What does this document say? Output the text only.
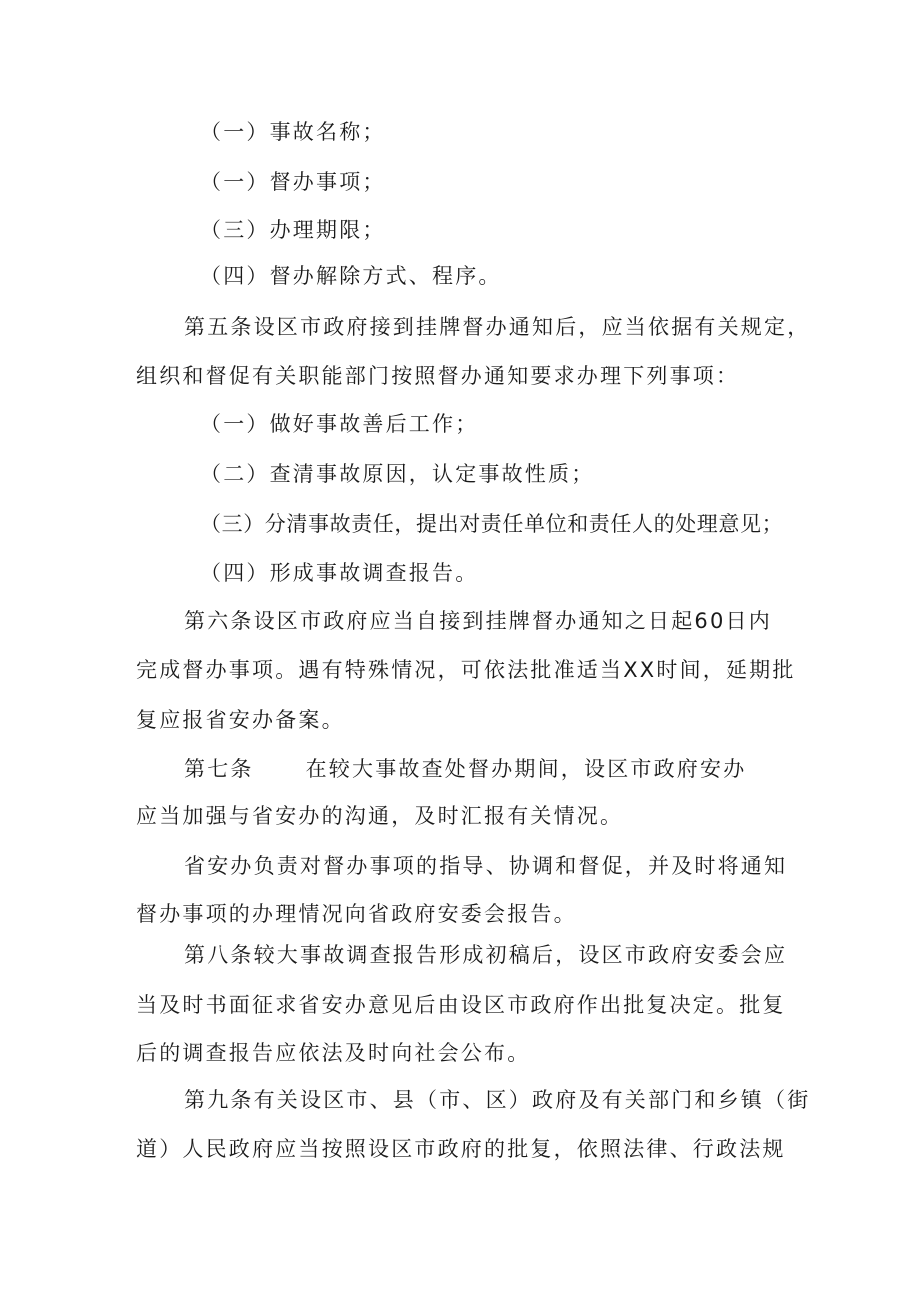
（一）事故名称；
（一）督办事项；
（三）办理期限；
（四）督办解除方式、程序。
第五条设区市政府接到挂牌督办通知后，应当依据有关规定，
组织和督促有关职能部门按照督办通知要求办理下列事项：
（一）做好事故善后工作；
（二）查清事故原因，认定事故性质；
（三）分清事故责任，提出对责任单位和责任人的处理意见；
（四）形成事故调查报告。
第六条设区市政府应当自接到挂牌督办通知之日起60日内
完成督办事项。遇有特殊情况，可依法批准适当XX时间，延期批
复应报省安办备案。
第七条 在较大事故查处督办期间，设区市政府安办
应当加强与省安办的沟通，及时汇报有关情况。
省安办负责对督办事项的指导、协调和督促，并及时将通知
督办事项的办理情况向省政府安委会报告。
第八条较大事故调查报告形成初稿后，设区市政府安委会应
当及时书面征求省安办意见后由设区市政府作出批复决定。批复
后的调查报告应依法及时向社会公布。
第九条有关设区市、县（市、区）政府及有关部门和乡镇（街
道）人民政府应当按照设区市政府的批复，依照法律、行政法规
